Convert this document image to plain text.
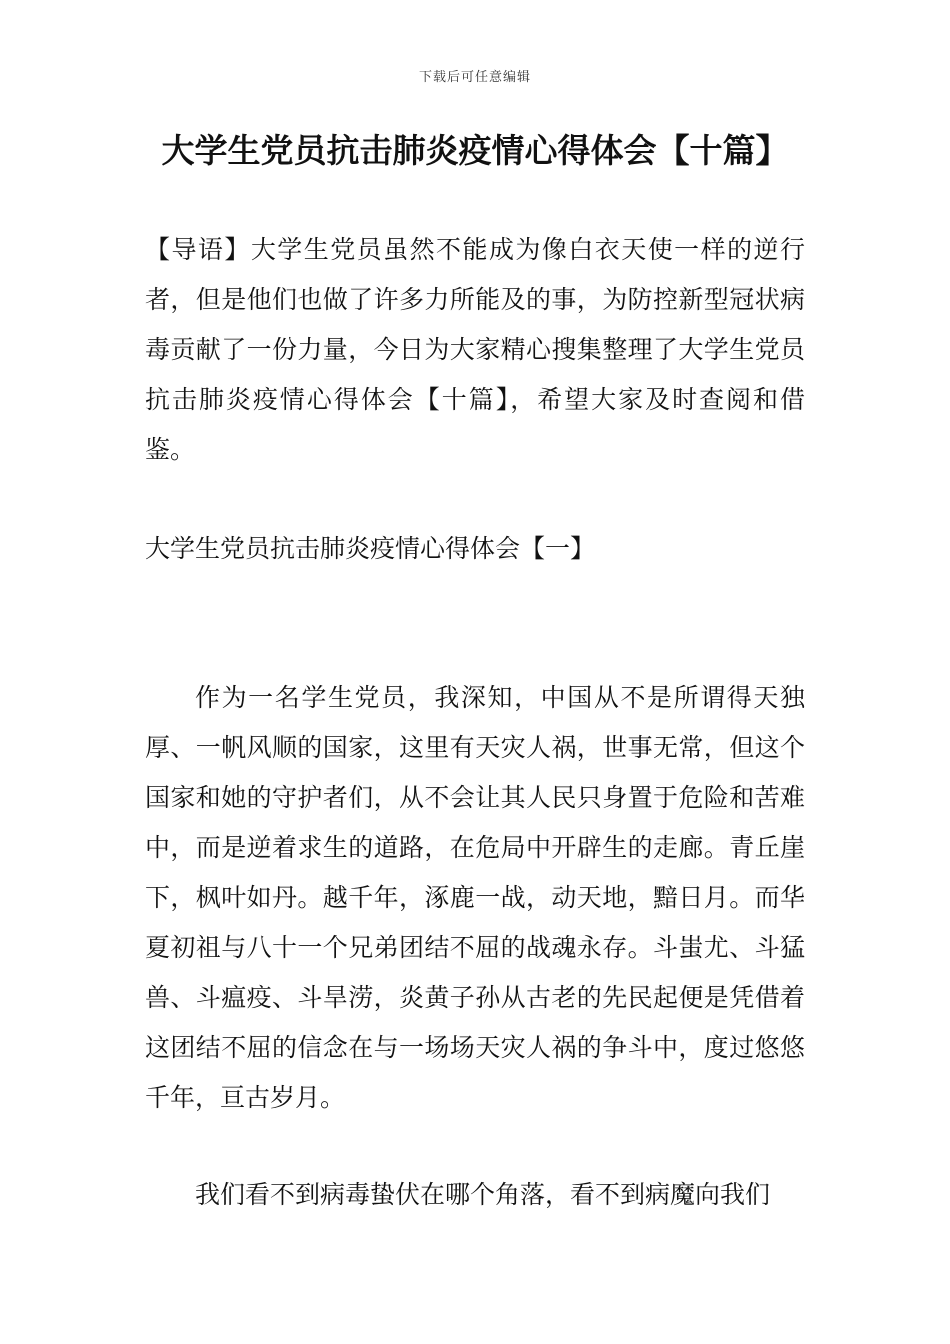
下载后可任意编辑
大学生党员抗击肺炎疫情心得体会【十篇】

【导语】大学生党员虽然不能成为像白衣天使一样的逆行者，但是他们也做了许多力所能及的事，为防控新型冠状病毒贡献了一份力量，今日为大家精心搜集整理了大学生党员抗击肺炎疫情心得体会【十篇】，希望大家及时查阅和借鉴。

大学生党员抗击肺炎疫情心得体会【一】

作为一名学生党员，我深知，中国从不是所谓得天独厚、一帆风顺的国家，这里有天灾人祸，世事无常，但这个国家和她的守护者们，从不会让其人民只身置于危险和苦难中，而是逆着求生的道路，在危局中开辟生的走廊。青丘崖下，枫叶如丹。越千年，涿鹿一战，动天地，黯日月。而华夏初祖与八十一个兄弟团结不屈的战魂永存。斗蚩尤、斗猛兽、斗瘟疫、斗旱涝，炎黄子孙从古老的先民起便是凭借着这团结不屈的信念在与一场场天灾人祸的争斗中，度过悠悠千年，亘古岁月。

我们看不到病毒蛰伏在哪个角落，看不到病魔向我们
